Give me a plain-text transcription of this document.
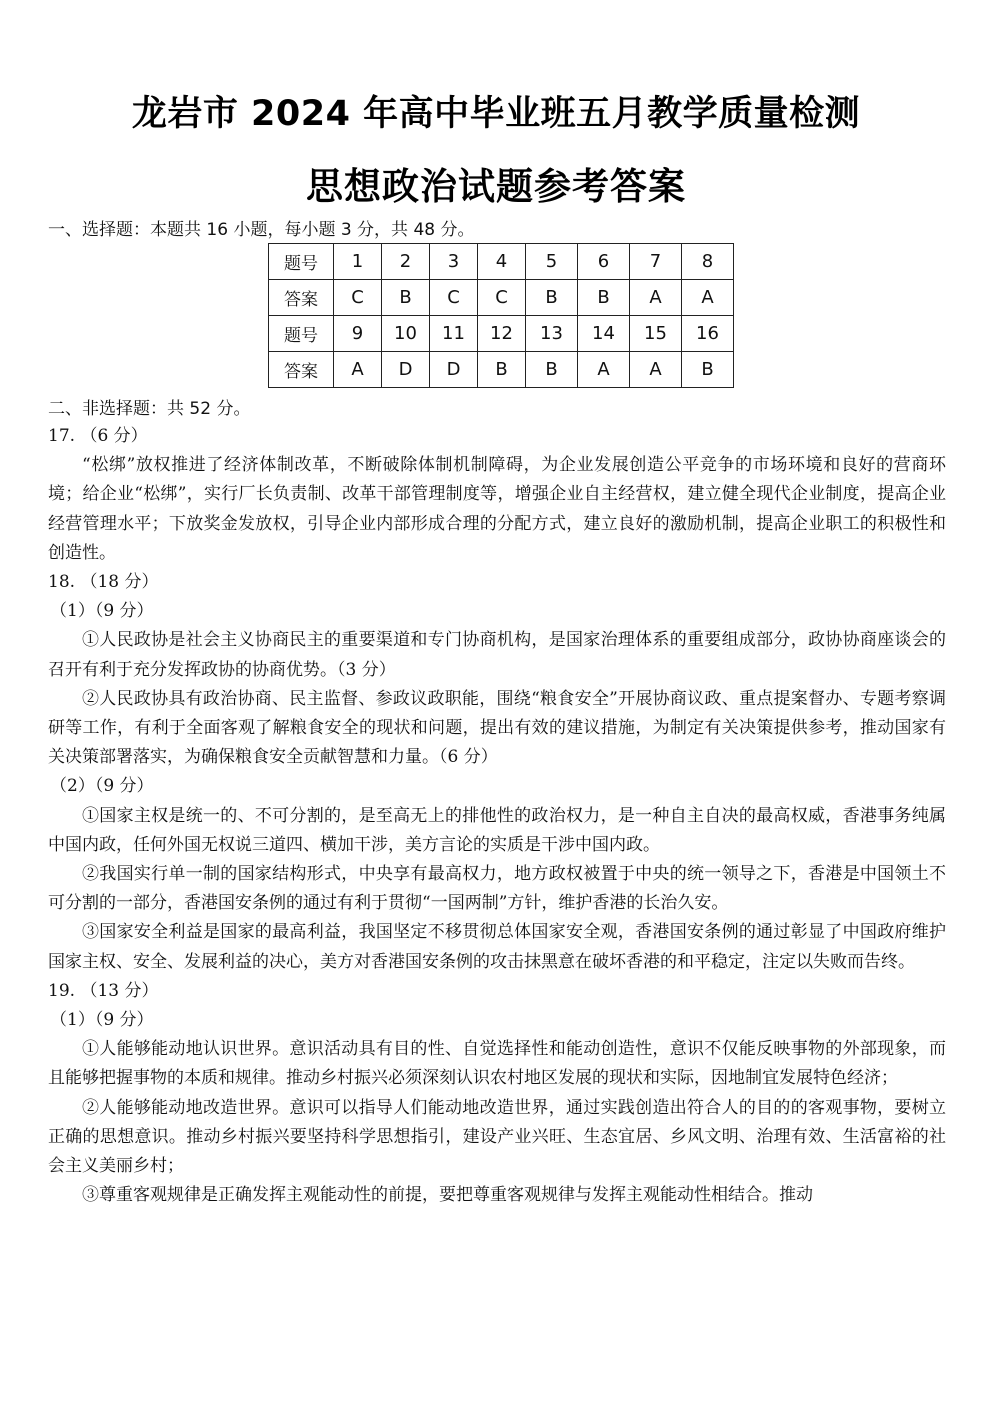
龙岩市 2024 年高中毕业班五月教学质量检测
思想政治试题参考答案
一、选择题：本题共 16 小题，每小题 3 分，共 48 分。
题号	1	2	3	4	5	6	7	8
答案	C	B	C	C	B	B	A	A
题号	9	10	11	12	13	14	15	16
答案	A	D	D	B	B	A	A	B
二、非选择题：共 52 分。

17. （6 分）

“松绑”放权推进了经济体制改革，不断破除体制机制障碍，为企业发展创造公平竞争的市场环境和良好的营商环境；给企业“松绑”，实行厂长负责制、改革干部管理制度等，增强企业自主经营权，建立健全现代企业制度，提高企业经营管理水平；下放奖金发放权，引导企业内部形成合理的分配方式，建立良好的激励机制，提高企业职工的积极性和创造性。

18. （18 分）

（1）（9 分）

①人民政协是社会主义协商民主的重要渠道和专门协商机构，是国家治理体系的重要组成部分，政协协商座谈会的召开有利于充分发挥政协的协商优势。（3 分）

②人民政协具有政治协商、民主监督、参政议政职能，围绕“粮食安全”开展协商议政、重点提案督办、专题考察调研等工作，有利于全面客观了解粮食安全的现状和问题，提出有效的建议措施，为制定有关决策提供参考，推动国家有关决策部署落实，为确保粮食安全贡献智慧和力量。（6 分）

（2）（9 分）

①国家主权是统一的、不可分割的，是至高无上的排他性的政治权力，是一种自主自决的最高权威，香港事务纯属中国内政，任何外国无权说三道四、横加干涉，美方言论的实质是干涉中国内政。

②我国实行单一制的国家结构形式，中央享有最高权力，地方政权被置于中央的统一领导之下，香港是中国领土不可分割的一部分，香港国安条例的通过有利于贯彻“一国两制”方针，维护香港的长治久安。

③国家安全利益是国家的最高利益，我国坚定不移贯彻总体国家安全观，香港国安条例的通过彰显了中国政府维护国家主权、安全、发展利益的决心，美方对香港国安条例的攻击抹黑意在破坏香港的和平稳定，注定以失败而告终。

19. （13 分）

（1）（9 分）

①人能够能动地认识世界。意识活动具有目的性、自觉选择性和能动创造性，意识不仅能反映事物的外部现象，而且能够把握事物的本质和规律。推动乡村振兴必须深刻认识农村地区发展的现状和实际，因地制宜发展特色经济；

②人能够能动地改造世界。意识可以指导人们能动地改造世界，通过实践创造出符合人的目的的客观事物，要树立正确的思想意识。推动乡村振兴要坚持科学思想指引，建设产业兴旺、生态宜居、乡风文明、治理有效、生活富裕的社会主义美丽乡村；

③尊重客观规律是正确发挥主观能动性的前提，要把尊重客观规律与发挥主观能动性相结合。推动
